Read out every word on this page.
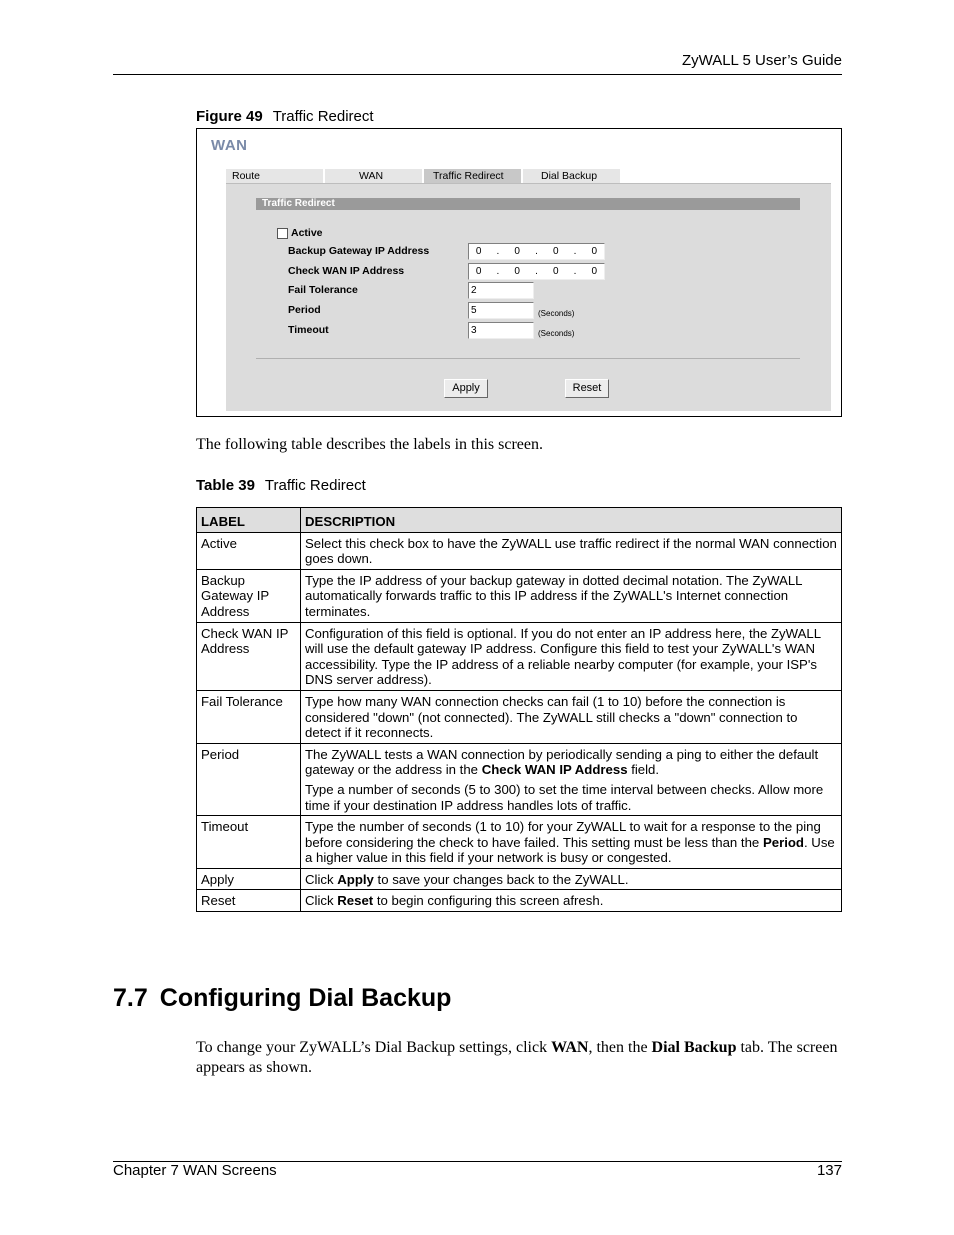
ZyWALL 5 User’s Guide
Figure 49 Traffic Redirect
WAN
Route	WAN	Traffic Redirect	Dial Backup
Traffic Redirect
Active
Backup Gateway IP Address	0	.	0	.	0	.	0
Check WAN IP Address	0	.	0	.	0	.	0
Fail Tolerance	2
Period	5	(Seconds)
Timeout	3	(Seconds)
Apply	Reset
The following table describes the labels in this screen.
Table 39 Traffic Redirect
LABEL	DESCRIPTION
Active	Select this check box to have the ZyWALL use traffic redirect if the normal WAN connection goes down.
Backup Gateway IP Address	Type the IP address of your backup gateway in dotted decimal notation. The ZyWALL automatically forwards traffic to this IP address if the ZyWALL's Internet connection terminates.
Check WAN IP Address	Configuration of this field is optional. If you do not enter an IP address here, the ZyWALL will use the default gateway IP address. Configure this field to test your ZyWALL's WAN accessibility. Type the IP address of a reliable nearby computer (for example, your ISP's DNS server address).
Fail Tolerance	Type how many WAN connection checks can fail (1 to 10) before the connection is considered "down" (not connected). The ZyWALL still checks a "down" connection to detect if it reconnects.
Period	The ZyWALL tests a WAN connection by periodically sending a ping to either the default gateway or the address in the Check WAN IP Address field.

Type a number of seconds (5 to 300) to set the time interval between checks. Allow more time if your destination IP address handles lots of traffic.

Timeout	Type the number of seconds (1 to 10) for your ZyWALL to wait for a response to the ping before considering the check to have failed. This setting must be less than the Period. Use a higher value in this field if your network is busy or congested.
Apply	Click Apply to save your changes back to the ZyWALL.
Reset	Click Reset to begin configuring this screen afresh.
7.7 Configuring Dial Backup
To change your ZyWALL’s Dial Backup settings, click WAN, then the Dial Backup tab. The screen appears as shown.
Chapter 7 WAN Screens	137
